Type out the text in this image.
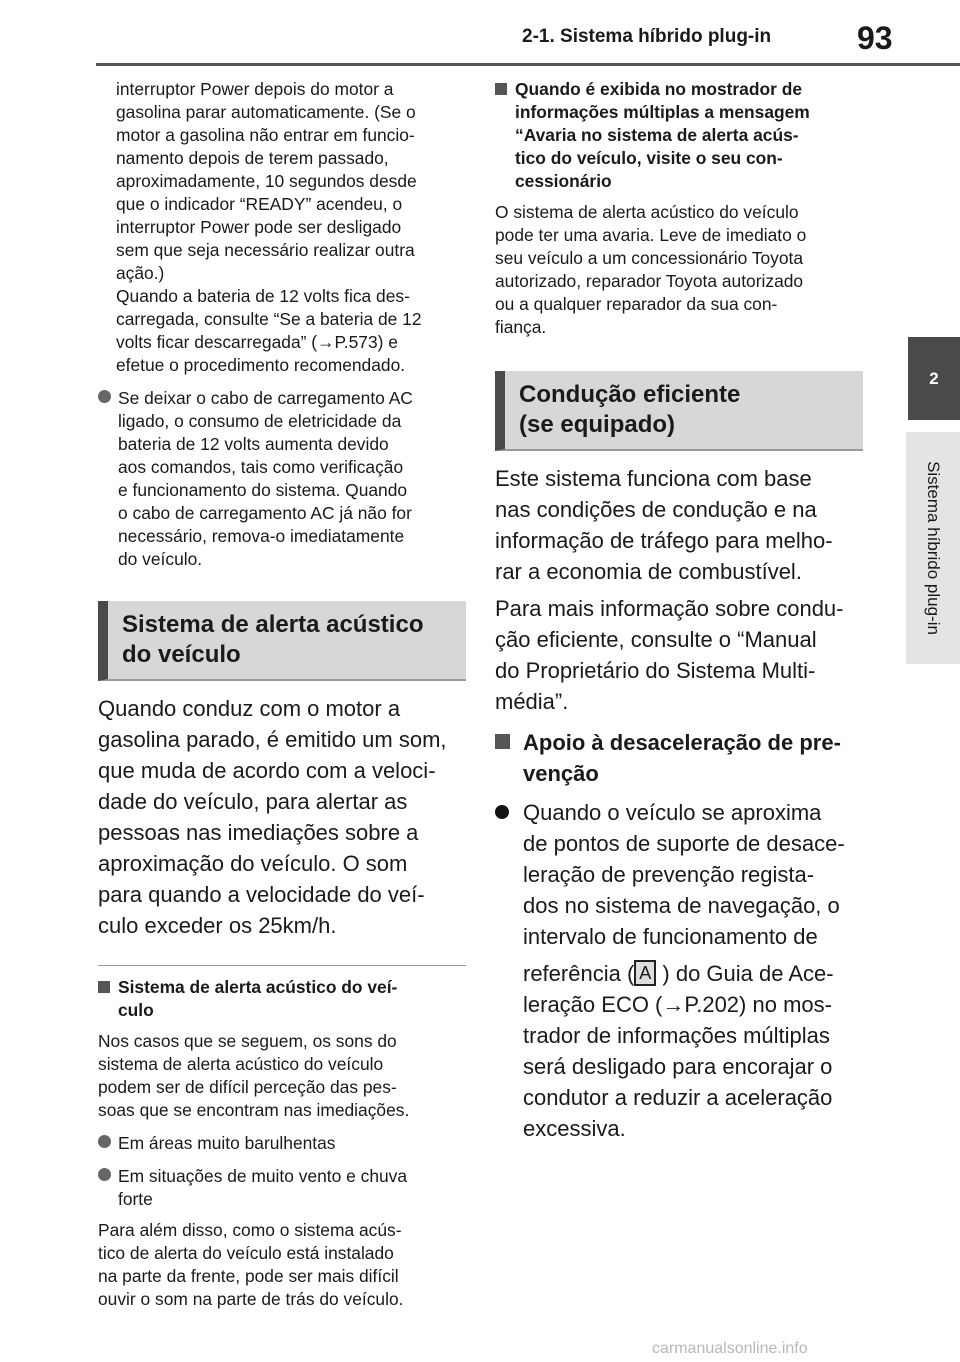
2-1. Sistema híbrido plug-in	93
2
Sistema híbrido plug-in

interruptor Power depois do motor a

gasolina parar automaticamente. (Se o

motor a gasolina não entrar em funcio-

namento depois de terem passado,

aproximadamente, 10 segundos desde

que o indicador “READY” acendeu, o

interruptor Power pode ser desligado

sem que seja necessário realizar outra

ação.)

Quando a bateria de 12 volts fica des-

carregada, consulte “Se a bateria de 12

volts ficar descarregada” (→P.573) e

efetue o procedimento recomendado.

Se deixar o cabo de carregamento AC

ligado, o consumo de eletricidade da

bateria de 12 volts aumenta devido

aos comandos, tais como verificação

e funcionamento do sistema. Quando

o cabo de carregamento AC já não for

necessário, remova-o imediatamente

do veículo.

Sistema de alerta acústico
do veículo

Quando conduz com o motor a

gasolina parado, é emitido um som,

que muda de acordo com a veloci-

dade do veículo, para alertar as

pessoas nas imediações sobre a

aproximação do veículo. O som

para quando a velocidade do veí-

culo exceder os 25km/h.

Sistema de alerta acústico do veí-
culo

Nos casos que se seguem, os sons do

sistema de alerta acústico do veículo

podem ser de difícil perceção das pes-

soas que se encontram nas imediações.

Em áreas muito barulhentas

Em situações de muito vento e chuva

forte

Para além disso, como o sistema acús-

tico de alerta do veículo está instalado

na parte da frente, pode ser mais difícil

ouvir o som na parte de trás do veículo.

Quando é exibida no mostrador de
informações múltiplas a mensagem
“Avaria no sistema de alerta acús-
tico do veículo, visite o seu con-
cessionário

O sistema de alerta acústico do veículo

pode ter uma avaria. Leve de imediato o

seu veículo a um concessionário Toyota

autorizado, reparador Toyota autorizado

ou a qualquer reparador da sua con-

fiança.

Condução eficiente
(se equipado)

Este sistema funciona com base

nas condições de condução e na

informação de tráfego para melho-

rar a economia de combustível.

Para mais informação sobre condu-

ção eficiente, consulte o “Manual

do Proprietário do Sistema Multi-

média”.

Apoio à desaceleração de pre-
venção

Quando o veículo se aproxima

de pontos de suporte de desace-

leração de prevenção regista-

dos no sistema de navegação, o

intervalo de funcionamento de

referência ( A ) do Guia de Ace-

leração ECO (→P.202) no mos-

trador de informações múltiplas

será desligado para encorajar o

condutor a reduzir a aceleração

excessiva.

carmanualsonline.info
